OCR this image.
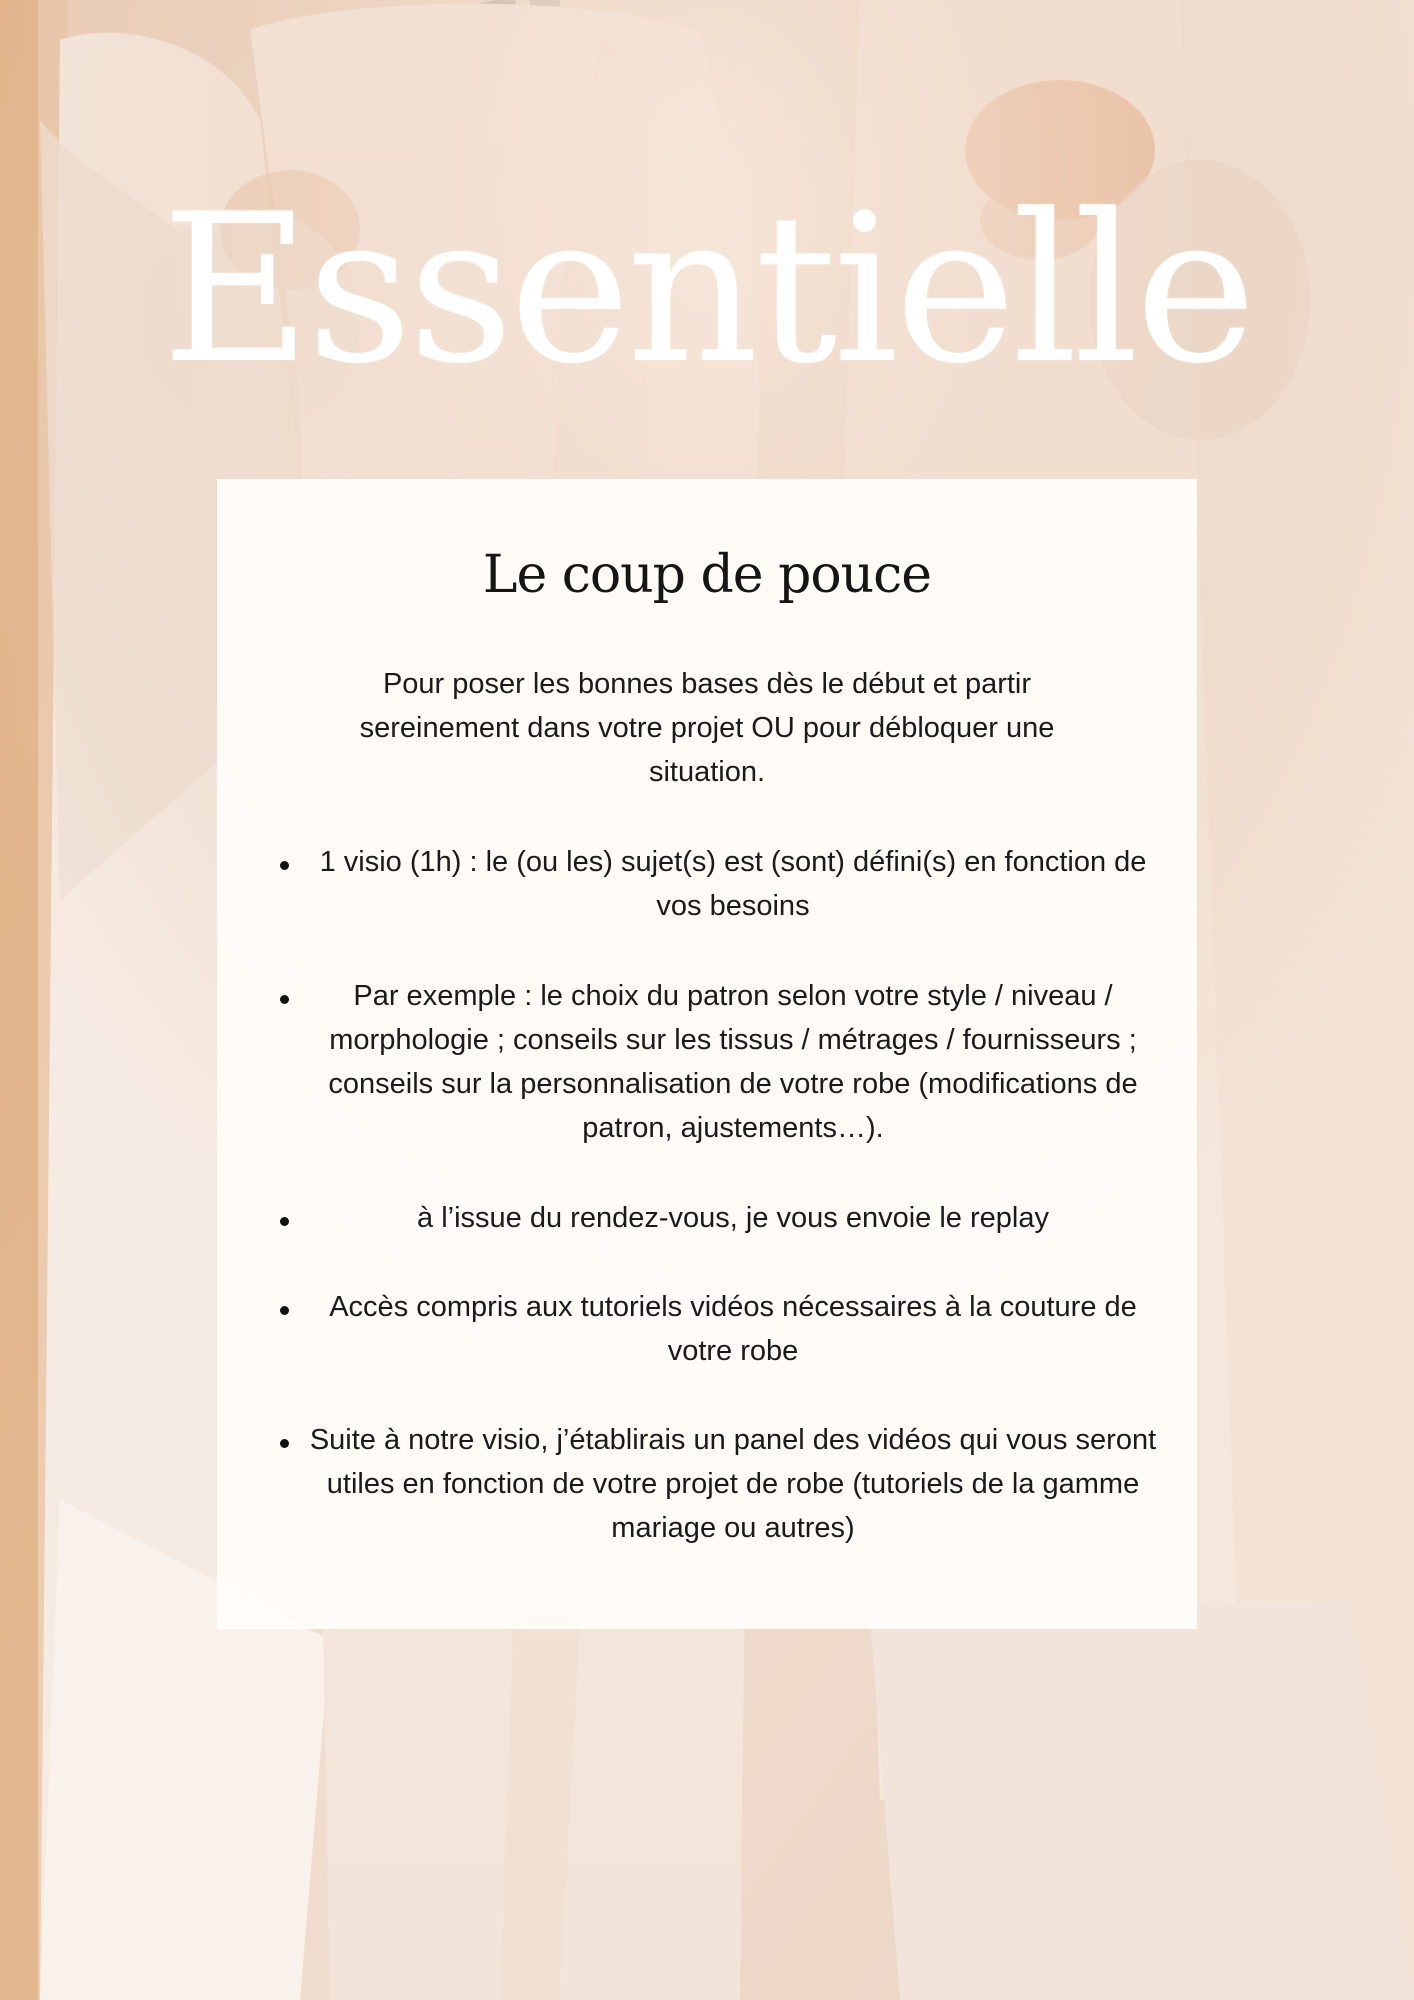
Essentielle
Le coup de pouce

Pour poser les bonnes bases dès le début et partir sereinement dans votre projet OU pour débloquer une situation.

1 visio (1h) : le (ou les) sujet(s) est (sont) défini(s) en fonction de vos besoins

Par exemple : le choix du patron selon votre style / niveau / morphologie ; conseils sur les tissus / métrages / fournisseurs ; conseils sur la personnalisation de votre robe (modifications de patron, ajustements…).

à l’issue du rendez-vous, je vous envoie le replay

Accès compris aux tutoriels vidéos nécessaires à la couture de votre robe

Suite à notre visio, j’établirais un panel des vidéos qui vous seront utiles en fonction de votre projet de robe (tutoriels de la gamme mariage ou autres)
